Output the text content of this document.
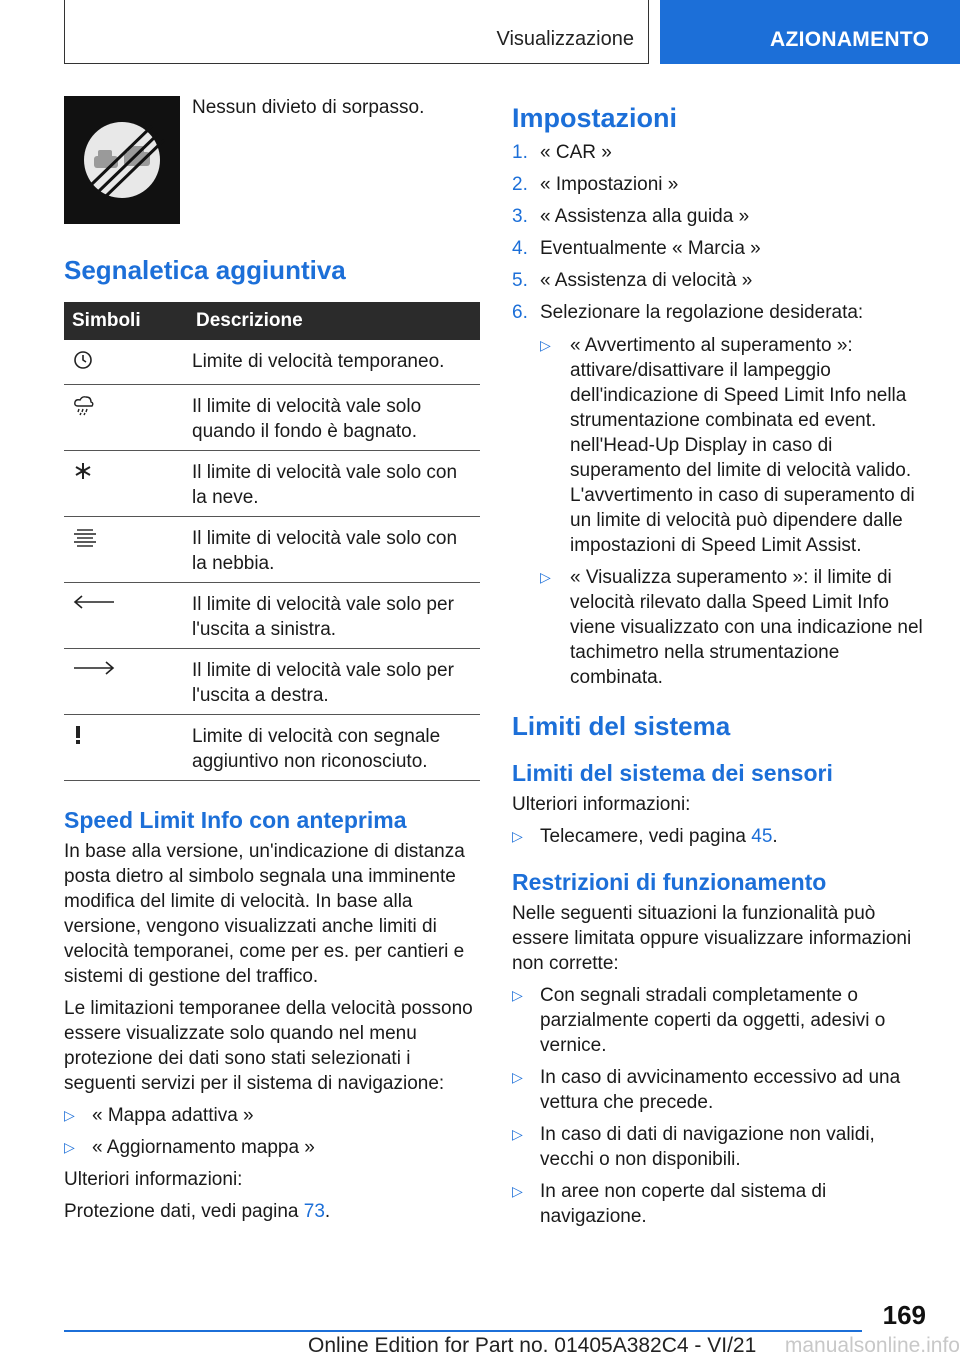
Visualizzazione	AZIONAMENTO
Nessun divieto di sorpasso.
Segnaletica aggiuntiva
Simboli	Descrizione
	Limite di velocità temporaneo.
	Il limite di velocità vale solo quando il fondo è bagnato.
	Il limite di velocità vale solo con la neve.
	Il limite di velocità vale solo con la nebbia.
	Il limite di velocità vale solo per l'uscita a sinistra.
	Il limite di velocità vale solo per l'uscita a destra.
	Limite di velocità con segnale aggiuntivo non riconosciuto.
Speed Limit Info con anteprima

In base alla versione, un'indicazione di distanza posta dietro al simbolo segnala una imminente modifica del limite di velocità. In base alla versione, vengono visualizzati anche limiti di velocità temporanei, come per es. per cantieri e sistemi di gestione del traffico.

Le limitazioni temporanee della velocità possono essere visualizzate solo quando nel menu protezione dei dati sono stati selezionati i seguenti servizi per il sistema di navigazione:

▷ « Mappa adattiva »
▷ « Aggiornamento mappa »

Ulteriori informazioni:

Protezione dati, vedi pagina 73.

Impostazioni
1. « CAR »
2. « Impostazioni »
3. « Assistenza alla guida »
4. Eventualmente « Marcia »
5. « Assistenza di velocità »
6. Selezionare la regolazione desiderata:
▷ « Avvertimento al superamento »: attivare/disattivare il lampeggio dell'indicazione di Speed Limit Info nella strumentazione combinata ed event. nell'Head-Up Display in caso di superamento del limite di velocità valido. L'avvertimento in caso di superamento di un limite di velocità può dipendere dalle impostazioni di Speed Limit Assist.
▷ « Visualizza superamento »: il limite di velocità rilevato dalla Speed Limit Info viene visualizzato con una indicazione nel tachimetro nella strumentazione combinata.
Limiti del sistema
Limiti del sistema dei sensori

Ulteriori informazioni:

▷ Telecamere, vedi pagina 45.
Restrizioni di funzionamento

Nelle seguenti situazioni la funzionalità può essere limitata oppure visualizzare informazioni non corrette:

▷ Con segnali stradali completamente o parzialmente coperti da oggetti, adesivi o vernice.
▷ In caso di avvicinamento eccessivo ad una vettura che precede.
▷ In caso di dati di navigazione non validi, vecchi o non disponibili.
▷ In aree non coperte dal sistema di navigazione.
169
Online Edition for Part no. 01405A382C4 - VI/21 manualsonline.info
